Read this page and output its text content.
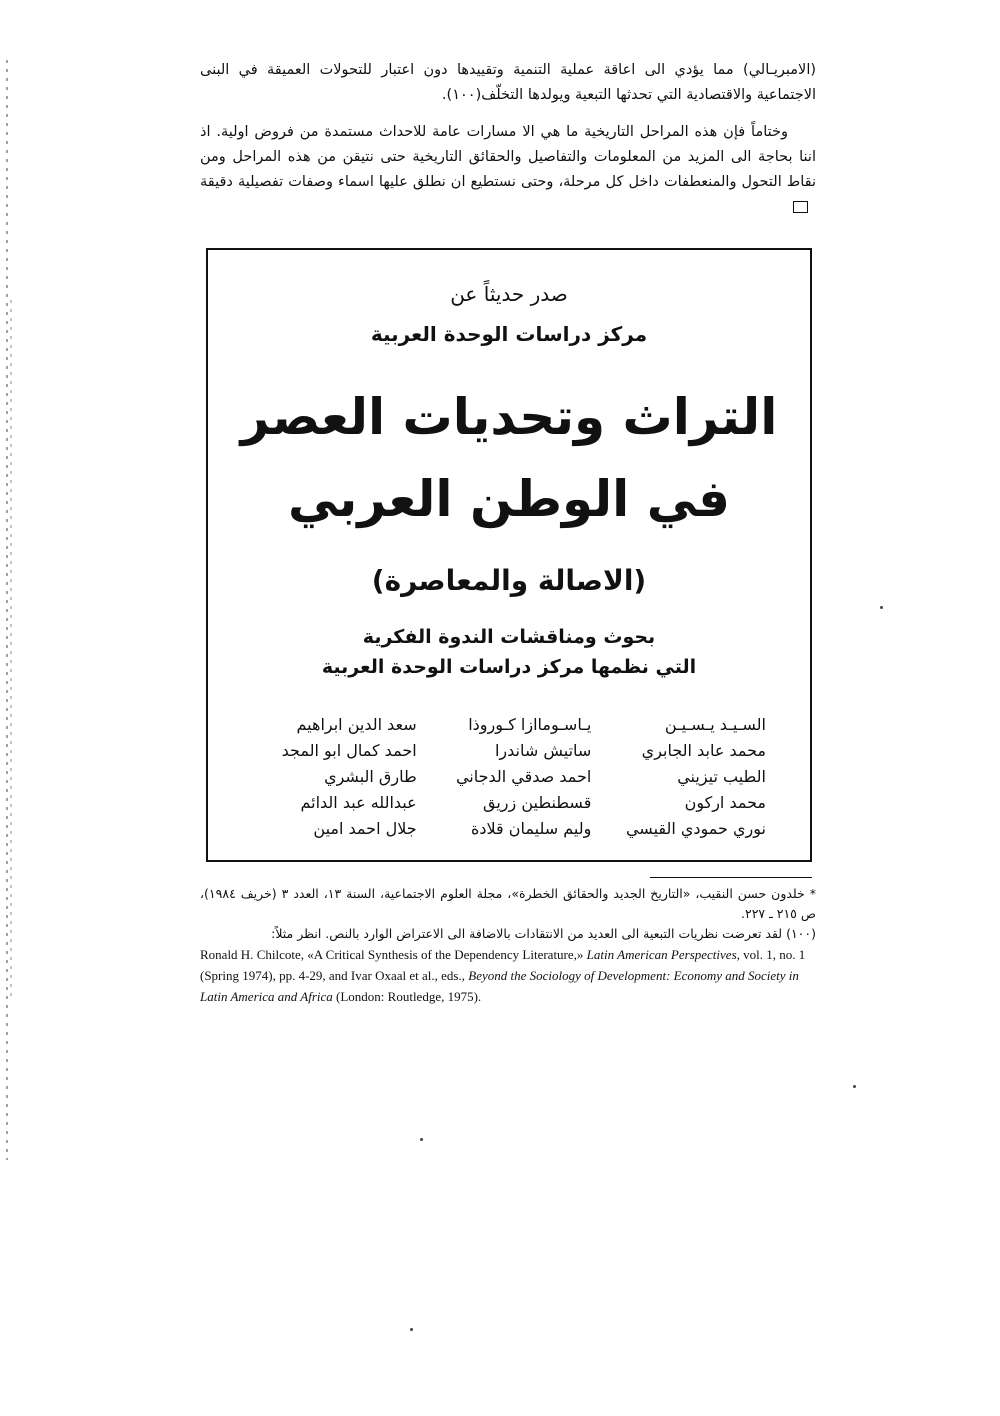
(الامبريـالي) مما يؤدي الى اعاقة عملية التنمية وتقييدها دون اعتبار للتحولات العميقة في البنى الاجتماعية والاقتصادية التي تحدثها التبعية ويولدها التخلّف(١٠٠).

وختاماً فإن هذه المراحل التاريخية ما هي الا مسارات عامة للاحداث مستمدة من فروض اولية. اذ اننا بحاجة الى المزيد من المعلومات والتفاصيل والحقائق التاريخية حتى نتيقن من هذه المراحل ومن نقاط التحول والمنعطفات داخل كل مرحلة، وحتى نستطيع ان نطلق عليها اسماء وصفات تفصيلية دقيقة

صدر حديثاً عن
مركز دراسات الوحدة العربية
التراث وتحديات العصر
في الوطن العربي
(الاصالة والمعاصرة)
بحوث ومناقشات الندوة الفكرية
التي نظمها مركز دراسات الوحدة العربية
السـيـد يـسـيـن
يـاسـوماازا كـوروذا
سعد الدين ابراهيم
محمد عابد الجابري
ساتيش شاندرا
احمد كمال ابو المجد
الطيب تيزيني
احمد صدقي الدجاني
طارق البشري
محمد اركون
قسطنطين زريق
عبدالله عبد الدائم
نوري حمودي القيسي
وليم سليمان قلادة
جلال احمد امين

* خلدون حسن النقيب، «التاريخ الجديد والحقائق الخطرة»، مجلة العلوم الاجتماعية، السنة ١٣، العدد ٣ (خريف ١٩٨٤)، ص ٢١٥ ـ ٢٢٧.

(١٠٠) لقد تعرضت نظريات التبعية الى العديد من الانتقادات بالاضافة الى الاعتراض الوارد بالنص. انظر مثلاً:

Ronald H. Chilcote, «A Critical Synthesis of the Dependency Literature,» Latin American Perspectives, vol. 1, no. 1 (Spring 1974), pp. 4-29, and Ivar Oxaal et al., eds., Beyond the Sociology of Development: Economy and Society in Latin America and Africa (London: Routledge, 1975).
